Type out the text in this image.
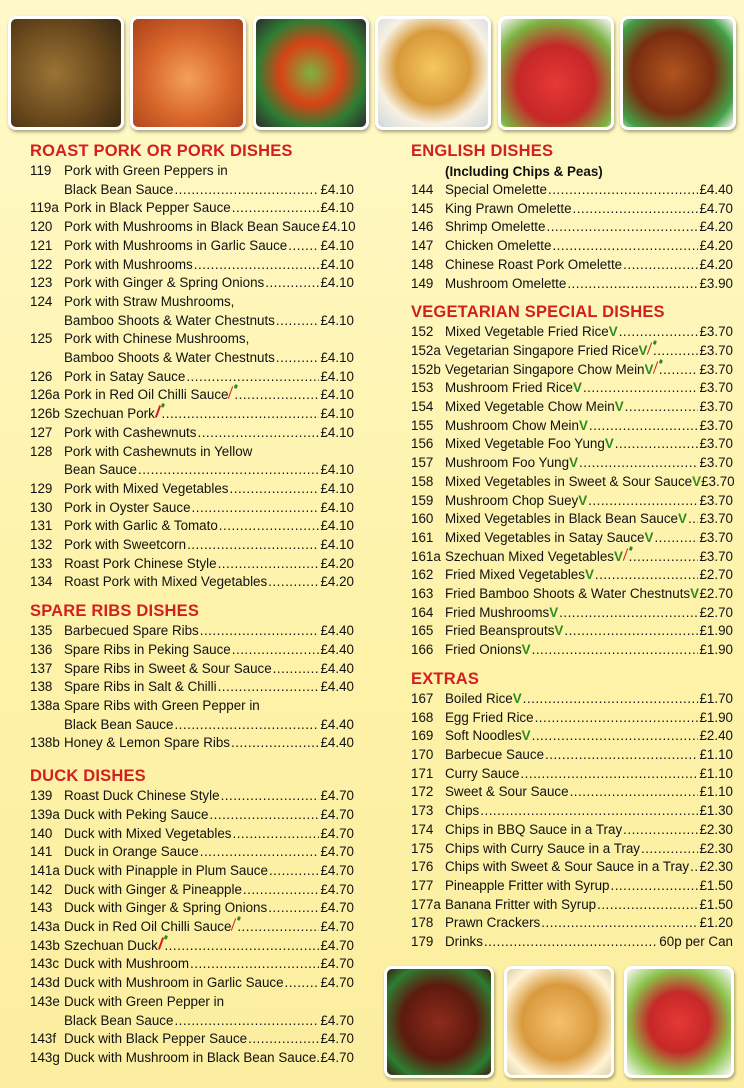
ROAST PORK OR PORK DISHES
119 Pork with Green Peppers in
Black Bean Sauce .....	£4.10
119a Pork in Black Pepper Sauce .....	£4.10
120 Pork with Mushrooms in Black Bean Sauce £4.10
121 Pork with Mushrooms in Garlic Sauce ..... £4.10
122 Pork with Mushrooms .....	£4.10
123 Pork with Ginger & Spring Onions .....	£4.10
124 Pork with Straw Mushrooms,
Bamboo Shoots & Water Chestnuts .....	£4.10
125 Pork with Chinese Mushrooms,
Bamboo Shoots & Water Chestnuts .....	£4.10
126 Pork in Satay Sauce .....	£4.10
126a Pork in Red Oil Chilli Sauce .....	£4.10
126b Szechuan Pork .....	£4.10
127 Pork with Cashewnuts .....	£4.10
128 Pork with Cashewnuts in Yellow
Bean Sauce .....	£4.10
129 Pork with Mixed Vegetables .....	£4.10
130 Pork in Oyster Sauce .....	£4.10
131 Pork with Garlic & Tomato .....	£4.10
132 Pork with Sweetcorn .....	£4.10
133 Roast Pork Chinese Style .....	£4.20
134 Roast Pork with Mixed Vegetables .....	£4.20
SPARE RIBS DISHES
135 Barbecued Spare Ribs .....	£4.40
136 Spare Ribs in Peking Sauce .....	£4.40
137 Spare Ribs in Sweet & Sour Sauce .....	£4.40
138 Spare Ribs in Salt & Chilli .....	£4.40
138a Spare Ribs with Green Pepper in
Black Bean Sauce .....	£4.40
138b Honey & Lemon Spare Ribs .....	£4.40
DUCK DISHES
139 Roast Duck Chinese Style .....	£4.70
139a Duck with Peking Sauce .....	£4.70
140 Duck with Mixed Vegetables .....	£4.70
141 Duck in Orange Sauce .....	£4.70
141a Duck with Pinapple in Plum Sauce .....	£4.70
142 Duck with Ginger & Pineapple .....	£4.70
143 Duck with Ginger & Spring Onions .....	£4.70
143a Duck in Red Oil Chilli Sauce .....	£4.70
143b Szechuan Duck .....	£4.70
143c Duck with Mushroom .....	£4.70
143d Duck with Mushroom in Garlic Sauce .....	£4.70
143e Duck with Green Pepper in
Black Bean Sauce .....	£4.70
143f Duck with Black Pepper Sauce .....	£4.70
143g Duck with Mushroom in Black Bean Sauce. £4.70
ENGLISH DISHES
(Including Chips & Peas)
144 Special Omelette .....	£4.40
145 King Prawn Omelette .....	£4.70
146 Shrimp Omelette .....	£4.20
147 Chicken Omelette .....	£4.20
148 Chinese Roast Pork Omelette .....	£4.20
149 Mushroom Omelette .....	£3.90
VEGETARIAN SPECIAL DISHES
152 Mixed Vegetable Fried Rice V .....	£3.70
152a Vegetarian Singapore Fried Rice V .....	£3.70
152b Vegetarian Singapore Chow Mein V .....	£3.70
153 Mushroom Fried Rice V .....	£3.70
154 Mixed Vegetable Chow Mein V .....	£3.70
155 Mushroom Chow Mein V .....	£3.70
156 Mixed Vegetable Foo Yung V .....	£3.70
157 Mushroom Foo Yung V .....	£3.70
158 Mixed Vegetables in Sweet & Sour Sauce V £3.70
159 Mushroom Chop Suey V .....	£3.70
160 Mixed Vegetables in Black Bean Sauce V ..... £3.70
161 Mixed Vegetables in Satay Sauce V .....	£3.70
161a Szechuan Mixed Vegetables V .....	£3.70
162 Fried Mixed Vegetables V .....	£2.70
163 Fried Bamboo Shoots & Water Chestnuts V £2.70
164 Fried Mushrooms V .....	£2.70
165 Fried Beansprouts V .....	£1.90
166 Fried Onions V .....	£1.90
EXTRAS
167 Boiled Rice V .....	£1.70
168 Egg Fried Rice .....	£1.90
169 Soft Noodles V .....	£2.40
170 Barbecue Sauce .....	£1.10
171 Curry Sauce .....	£1.10
172 Sweet & Sour Sauce .....	£1.10
173 Chips .....	£1.30
174 Chips in BBQ Sauce in a Tray .....	£2.30
175 Chips with Curry Sauce in a Tray .....	£2.30
176 Chips with Sweet & Sour Sauce in a Tray ..... £2.30
177 Pineapple Fritter with Syrup .....	£1.50
177a Banana Fritter with Syrup .....	£1.50
178 Prawn Crackers .....	£1.20
179 Drinks .....	60p per Can
